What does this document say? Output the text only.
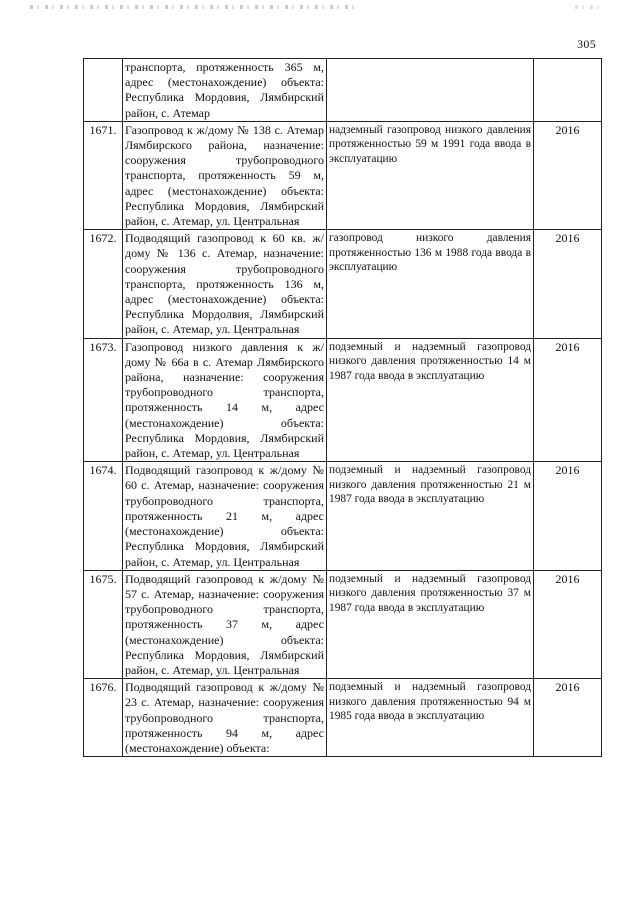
305
	транспорта, протяженность 365 м, адрес (местонахождение) объекта: Республика Мордовия, Лямбирский район, с. Атемар		
1671.	Газопровод к ж/дому № 138 с. Атемар Лямбирского района, назначение: сооружения трубопроводного транспорта, протяженность 59 м, адрес (местонахождение) объекта: Республика Мордовия, Лямбирский район, с. Атемар, ул. Центральная	надземный газопровод низкого давления протяженностью 59 м 1991 года ввода в эксплуатацию	2016
1672.	Подводящий газопровод к 60 кв. ж/дому № 136 с. Атемар, назначение: сооружения трубопроводного транспорта, протяженность 136 м, адрес (местонахождение) объекта: Республика Мордолвия, Лямбирский район, с. Атемар, ул. Центральная	газопровод низкого давления протяженностью 136 м 1988 года ввода в эксплуатацию	2016
1673.	Газопровод низкого давления к ж/дому № 66а в с. Атемар Лямбирского района, назначение: сооружения трубопроводного транспорта, протяженность 14 м, адрес (местонахождение) объекта: Республика Мордовия, Лямбирский район, с. Атемар, ул. Центральная	подземный и надземный газопровод низкого давления протяженностью 14 м 1987 года ввода в эксплуатацию	2016
1674.	Подводящий газопровод к ж/дому № 60 с. Атемар, назначение: сооружения трубопроводного транспорта, протяженность 21 м, адрес (местонахождение) объекта: Республика Мордовия, Лямбирский район, с. Атемар, ул. Центральная	подземный и надземный газопровод низкого давления протяженностью 21 м 1987 года ввода в эксплуатацию	2016
1675.	Подводящий газопровод к ж/дому № 57 с. Атемар, назначение: сооружения трубопроводного транспорта, протяженность 37 м, адрес (местонахождение) объекта: Республика Мордовия, Лямбирский район, с. Атемар, ул. Центральная	подземный и надземный газопровод низкого давления протяженностью 37 м 1987 года ввода в эксплуатацию	2016
1676.	Подводящий газопровод к ж/дому № 23 с. Атемар, назначение: сооружения трубопроводного транспорта, протяженность 94 м, адрес (местонахождение) объекта:	подземный и надземный газопровод низкого давления протяженностью 94 м 1985 года ввода в эксплуатацию	2016
